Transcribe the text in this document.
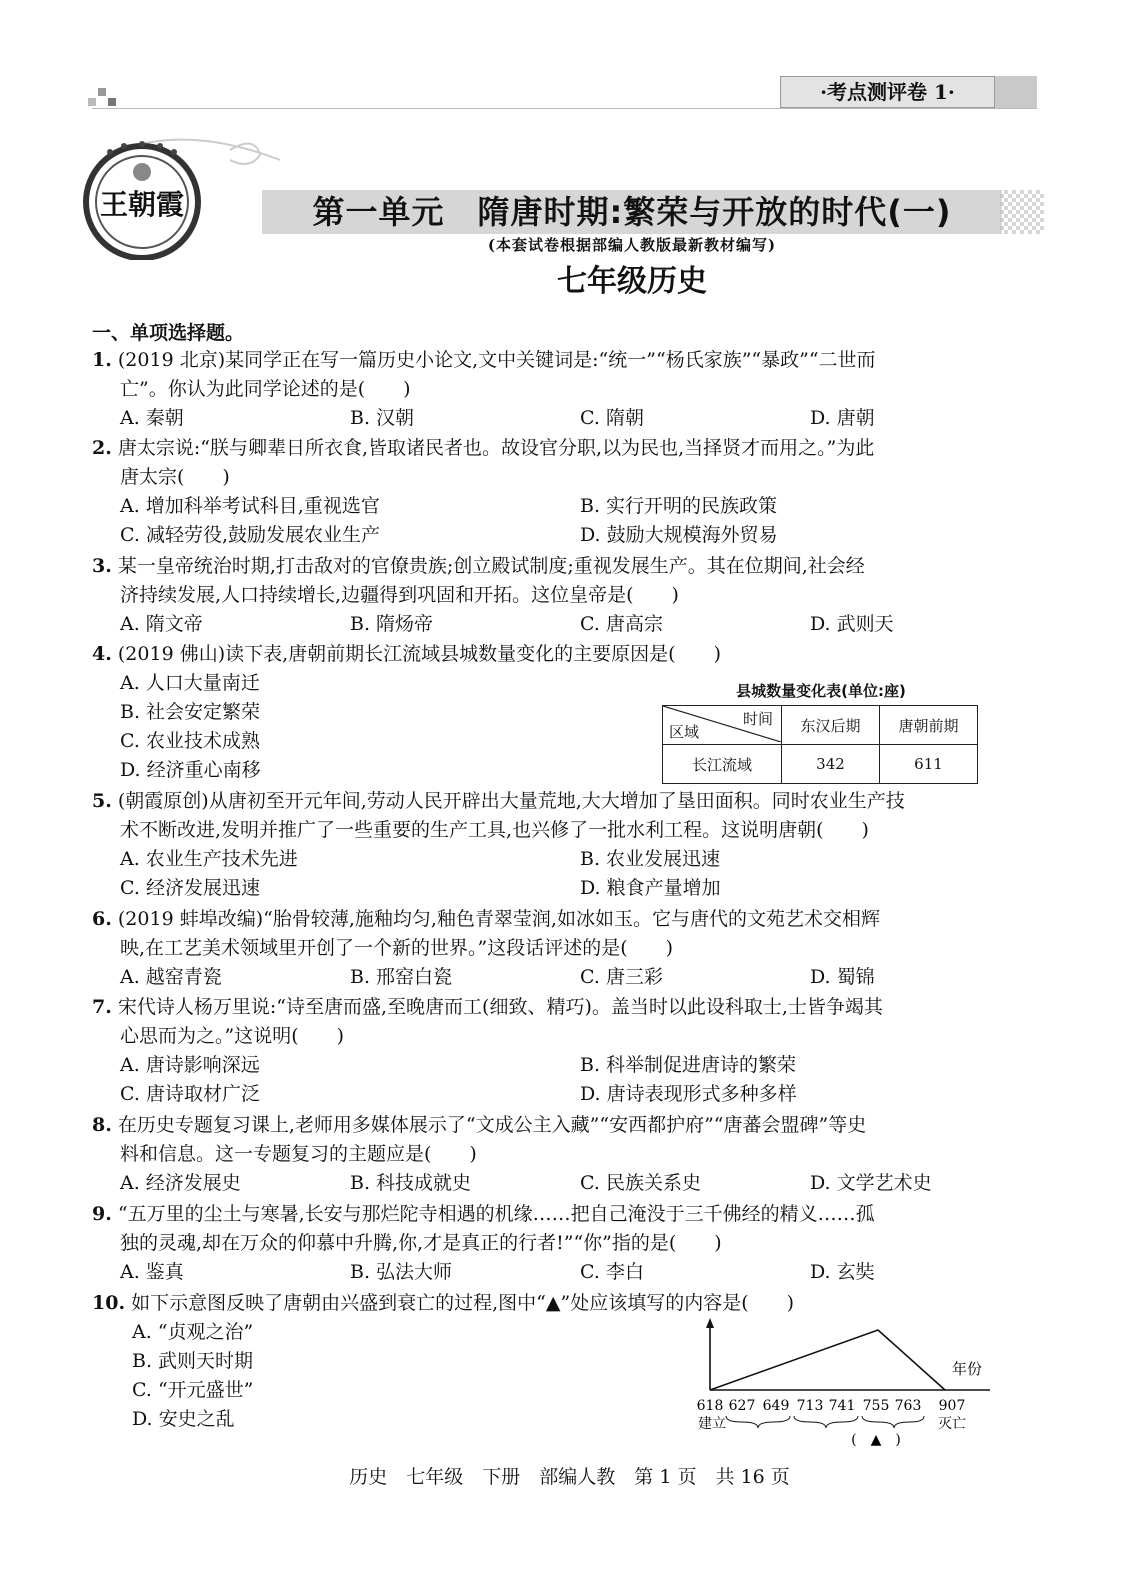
·考点测评卷 1·
王朝霞	第一单元　隋唐时期:繁荣与开放的时代(一)
(本套试卷根据部编人教版最新教材编写)
七年级历史
一、单项选择题。
1. (2019 北京)某同学正在写一篇历史小论文,文中关键词是:“统一”“杨氏家族”“暴政”“二世而
亡”。你认为此同学论述的是(　　)
A. 秦朝	B. 汉朝	C. 隋朝	D. 唐朝
2. 唐太宗说:“朕与卿辈日所衣食,皆取诸民者也。故设官分职,以为民也,当择贤才而用之。”为此
唐太宗(　　)
A. 增加科举考试科目,重视选官	B. 实行开明的民族政策
C. 减轻劳役,鼓励发展农业生产	D. 鼓励大规模海外贸易
3. 某一皇帝统治时期,打击敌对的官僚贵族;创立殿试制度;重视发展生产。其在位期间,社会经
济持续发展,人口持续增长,边疆得到巩固和开拓。这位皇帝是(　　)
A. 隋文帝	B. 隋炀帝	C. 唐高宗	D. 武则天
4. (2019 佛山)读下表,唐朝前期长江流域县城数量变化的主要原因是(　　)
A. 人口大量南迁
B. 社会安定繁荣
C. 农业技术成熟
D. 经济重心南移
县城数量变化表(单位:座)
时间
区域	东汉后期	唐朝前期
长江流域	342	611
5. (朝霞原创)从唐初至开元年间,劳动人民开辟出大量荒地,大大增加了垦田面积。同时农业生产技
术不断改进,发明并推广了一些重要的生产工具,也兴修了一批水利工程。这说明唐朝(　　)
A. 农业生产技术先进	B. 农业发展迅速
C. 经济发展迅速	D. 粮食产量增加
6. (2019 蚌埠改编)“胎骨较薄,施釉均匀,釉色青翠莹润,如冰如玉。它与唐代的文苑艺术交相辉
映,在工艺美术领域里开创了一个新的世界。”这段话评述的是(　　)
A. 越窑青瓷	B. 邢窑白瓷	C. 唐三彩	D. 蜀锦
7. 宋代诗人杨万里说:“诗至唐而盛,至晚唐而工(细致、精巧)。盖当时以此设科取士,士皆争竭其
心思而为之。”这说明(　　)
A. 唐诗影响深远	B. 科举制促进唐诗的繁荣
C. 唐诗取材广泛	D. 唐诗表现形式多种多样
8. 在历史专题复习课上,老师用多媒体展示了“文成公主入藏”“安西都护府”“唐蕃会盟碑”等史
料和信息。这一专题复习的主题应是(　　)
A. 经济发展史	B. 科技成就史	C. 民族关系史	D. 文学艺术史
9. “五万里的尘土与寒暑,长安与那烂陀寺相遇的机缘……把自己淹没于三千佛经的精义……孤
独的灵魂,却在万众的仰慕中升腾,你,才是真正的行者!”“你”指的是(　　)
A. 鉴真	B. 弘法大师	C. 李白	D. 玄奘
10. 如下示意图反映了唐朝由兴盛到衰亡的过程,图中“▲”处应该填写的内容是(　　)
A. “贞观之治”
B. 武则天时期
C. “开元盛世”
D. 安史之乱
年份
618 627 649 713 741 755 763 907
建立	灭亡
(　▲　)
历史　七年级　下册　部编人教　第 1 页　共 16 页
